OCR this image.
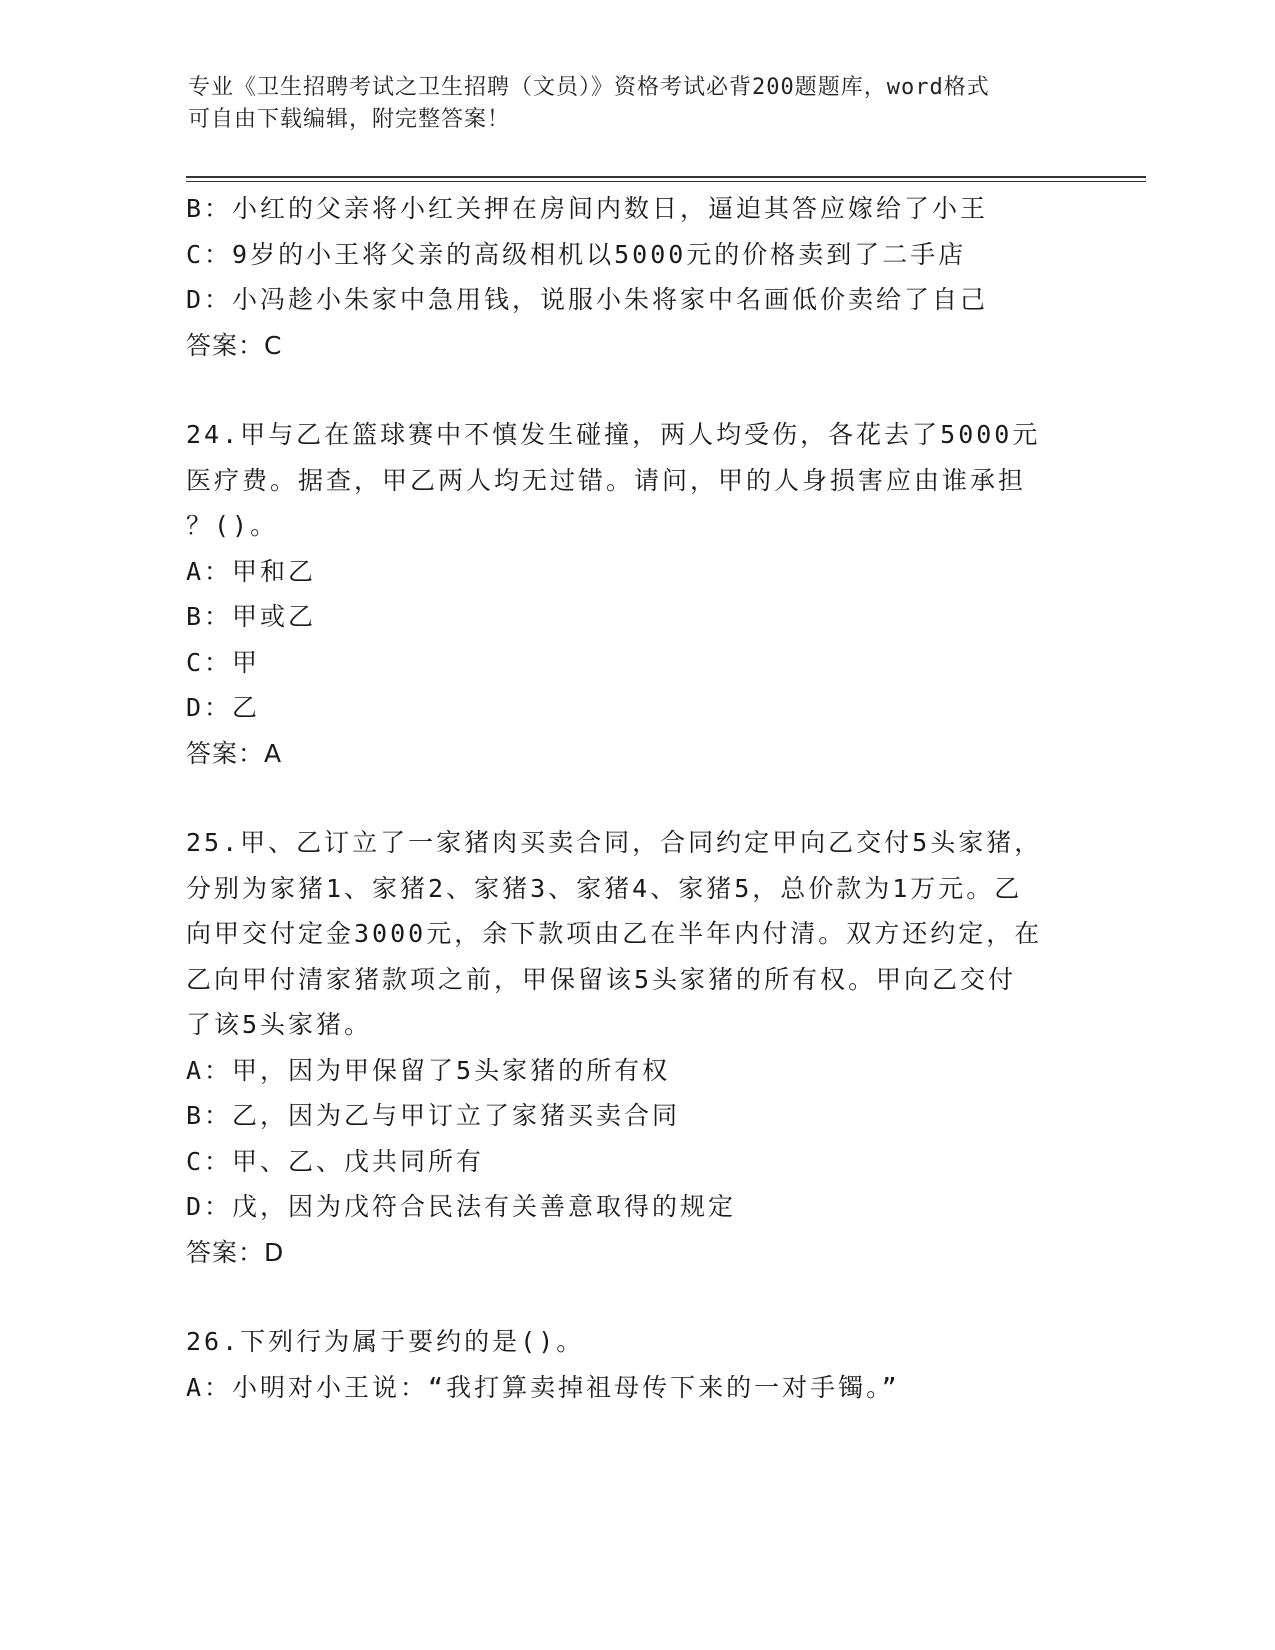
专业《卫生招聘考试之卫生招聘（文员）》资格考试必背200题题库，word格式
可自由下载编辑，附完整答案！
B：小红的父亲将小红关押在房间内数日，逼迫其答应嫁给了小王
C：9岁的小王将父亲的高级相机以5000元的价格卖到了二手店
D：小冯趁小朱家中急用钱，说服小朱将家中名画低价卖给了自己
答案：C
24.甲与乙在篮球赛中不慎发生碰撞，两人均受伤，各花去了5000元
医疗费。据查，甲乙两人均无过错。请问，甲的人身损害应由谁承担
？()。
A：甲和乙
B：甲或乙
C：甲
D：乙
答案：A
25.甲、乙订立了一家猪肉买卖合同，合同约定甲向乙交付5头家猪，
分别为家猪1、家猪2、家猪3、家猪4、家猪5，总价款为1万元。乙
向甲交付定金3000元，余下款项由乙在半年内付清。双方还约定，在
乙向甲付清家猪款项之前，甲保留该5头家猪的所有权。甲向乙交付
了该5头家猪。
A：甲，因为甲保留了5头家猪的所有权
B：乙，因为乙与甲订立了家猪买卖合同
C：甲、乙、戊共同所有
D：戊，因为戊符合民法有关善意取得的规定
答案：D
26.下列行为属于要约的是()。
A：小明对小王说：“我打算卖掉祖母传下来的一对手镯。”
